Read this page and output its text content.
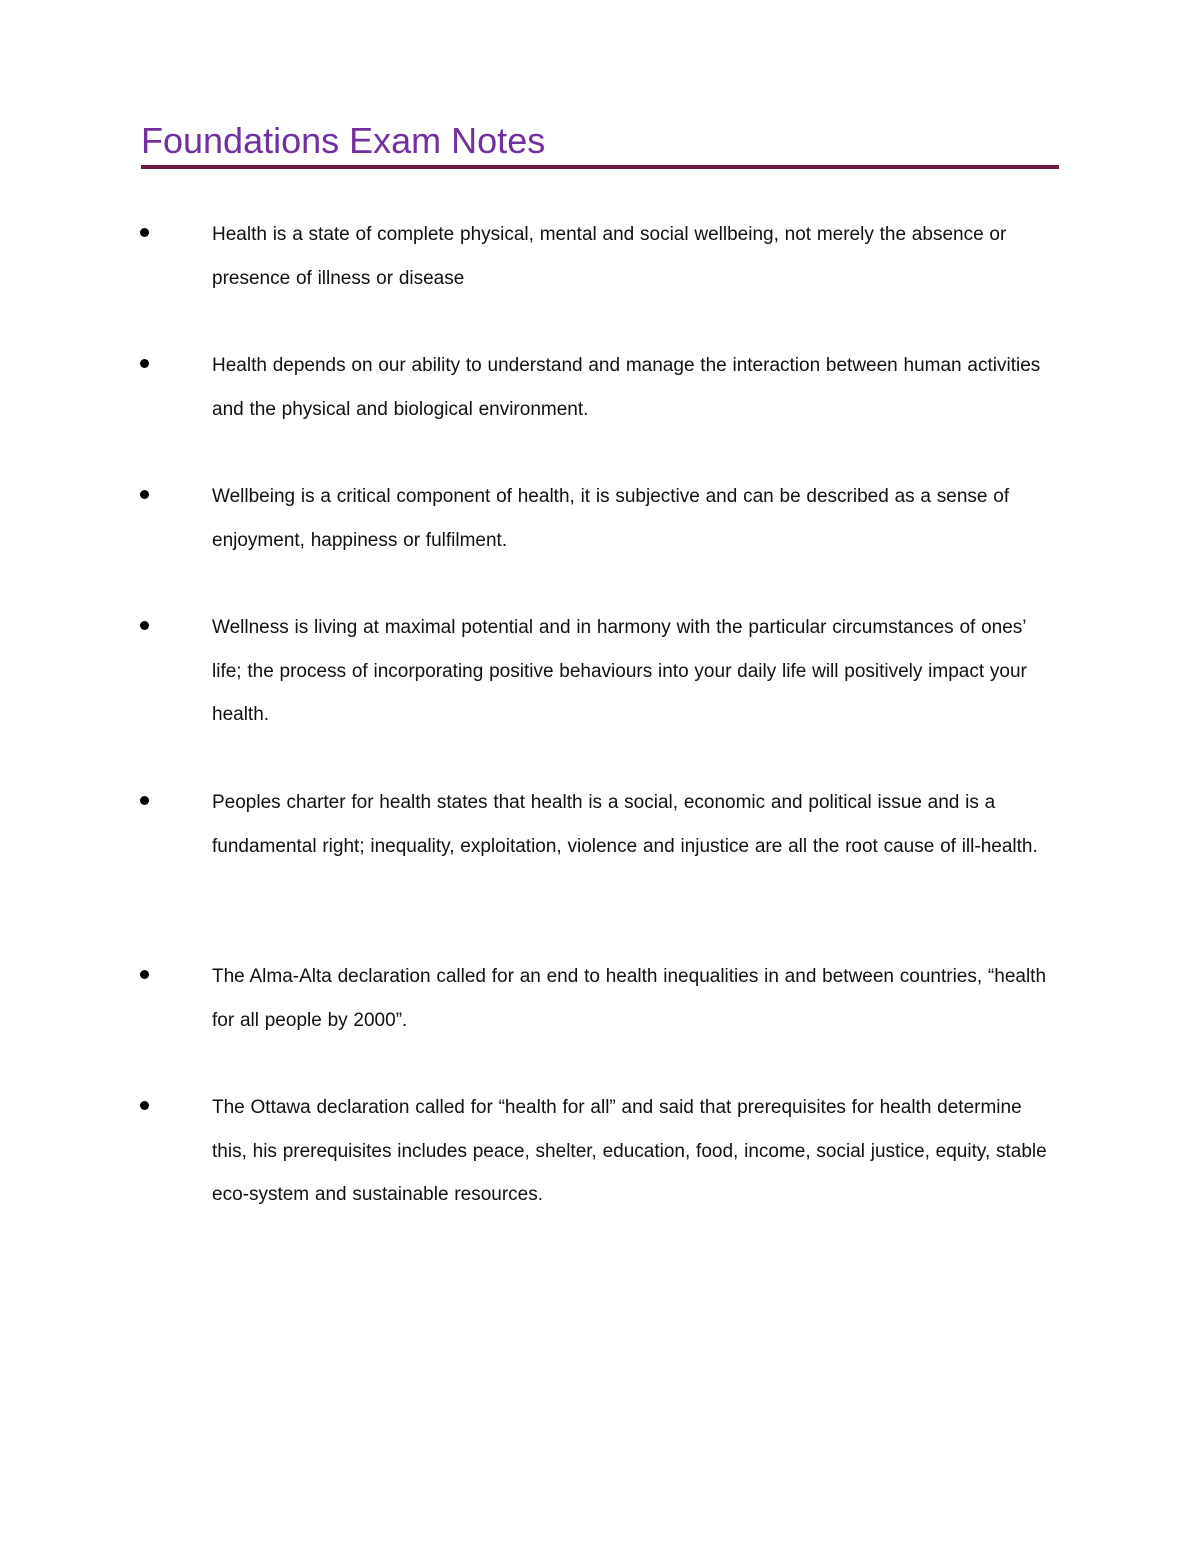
Foundations Exam Notes
Health is a state of complete physical, mental and social wellbeing, not merely the absence or presence of illness or disease
Health depends on our ability to understand and manage the interaction between human activities and the physical and biological environment.
Wellbeing is a critical component of health, it is subjective and can be described as a sense of enjoyment, happiness or fulfilment.
Wellness is living at maximal potential and in harmony with the particular circumstances of ones’ life; the process of incorporating positive behaviours into your daily life will positively impact your health.
Peoples charter for health states that health is a social, economic and political issue and is a fundamental right; inequality, exploitation, violence and injustice are all the root cause of ill-health.
The Alma-Alta declaration called for an end to health inequalities in and between countries, “health for all people by 2000”.
The Ottawa declaration called for “health for all” and said that prerequisites for health determine this, his prerequisites includes peace, shelter, education, food, income, social justice, equity, stable eco-system and sustainable resources.
